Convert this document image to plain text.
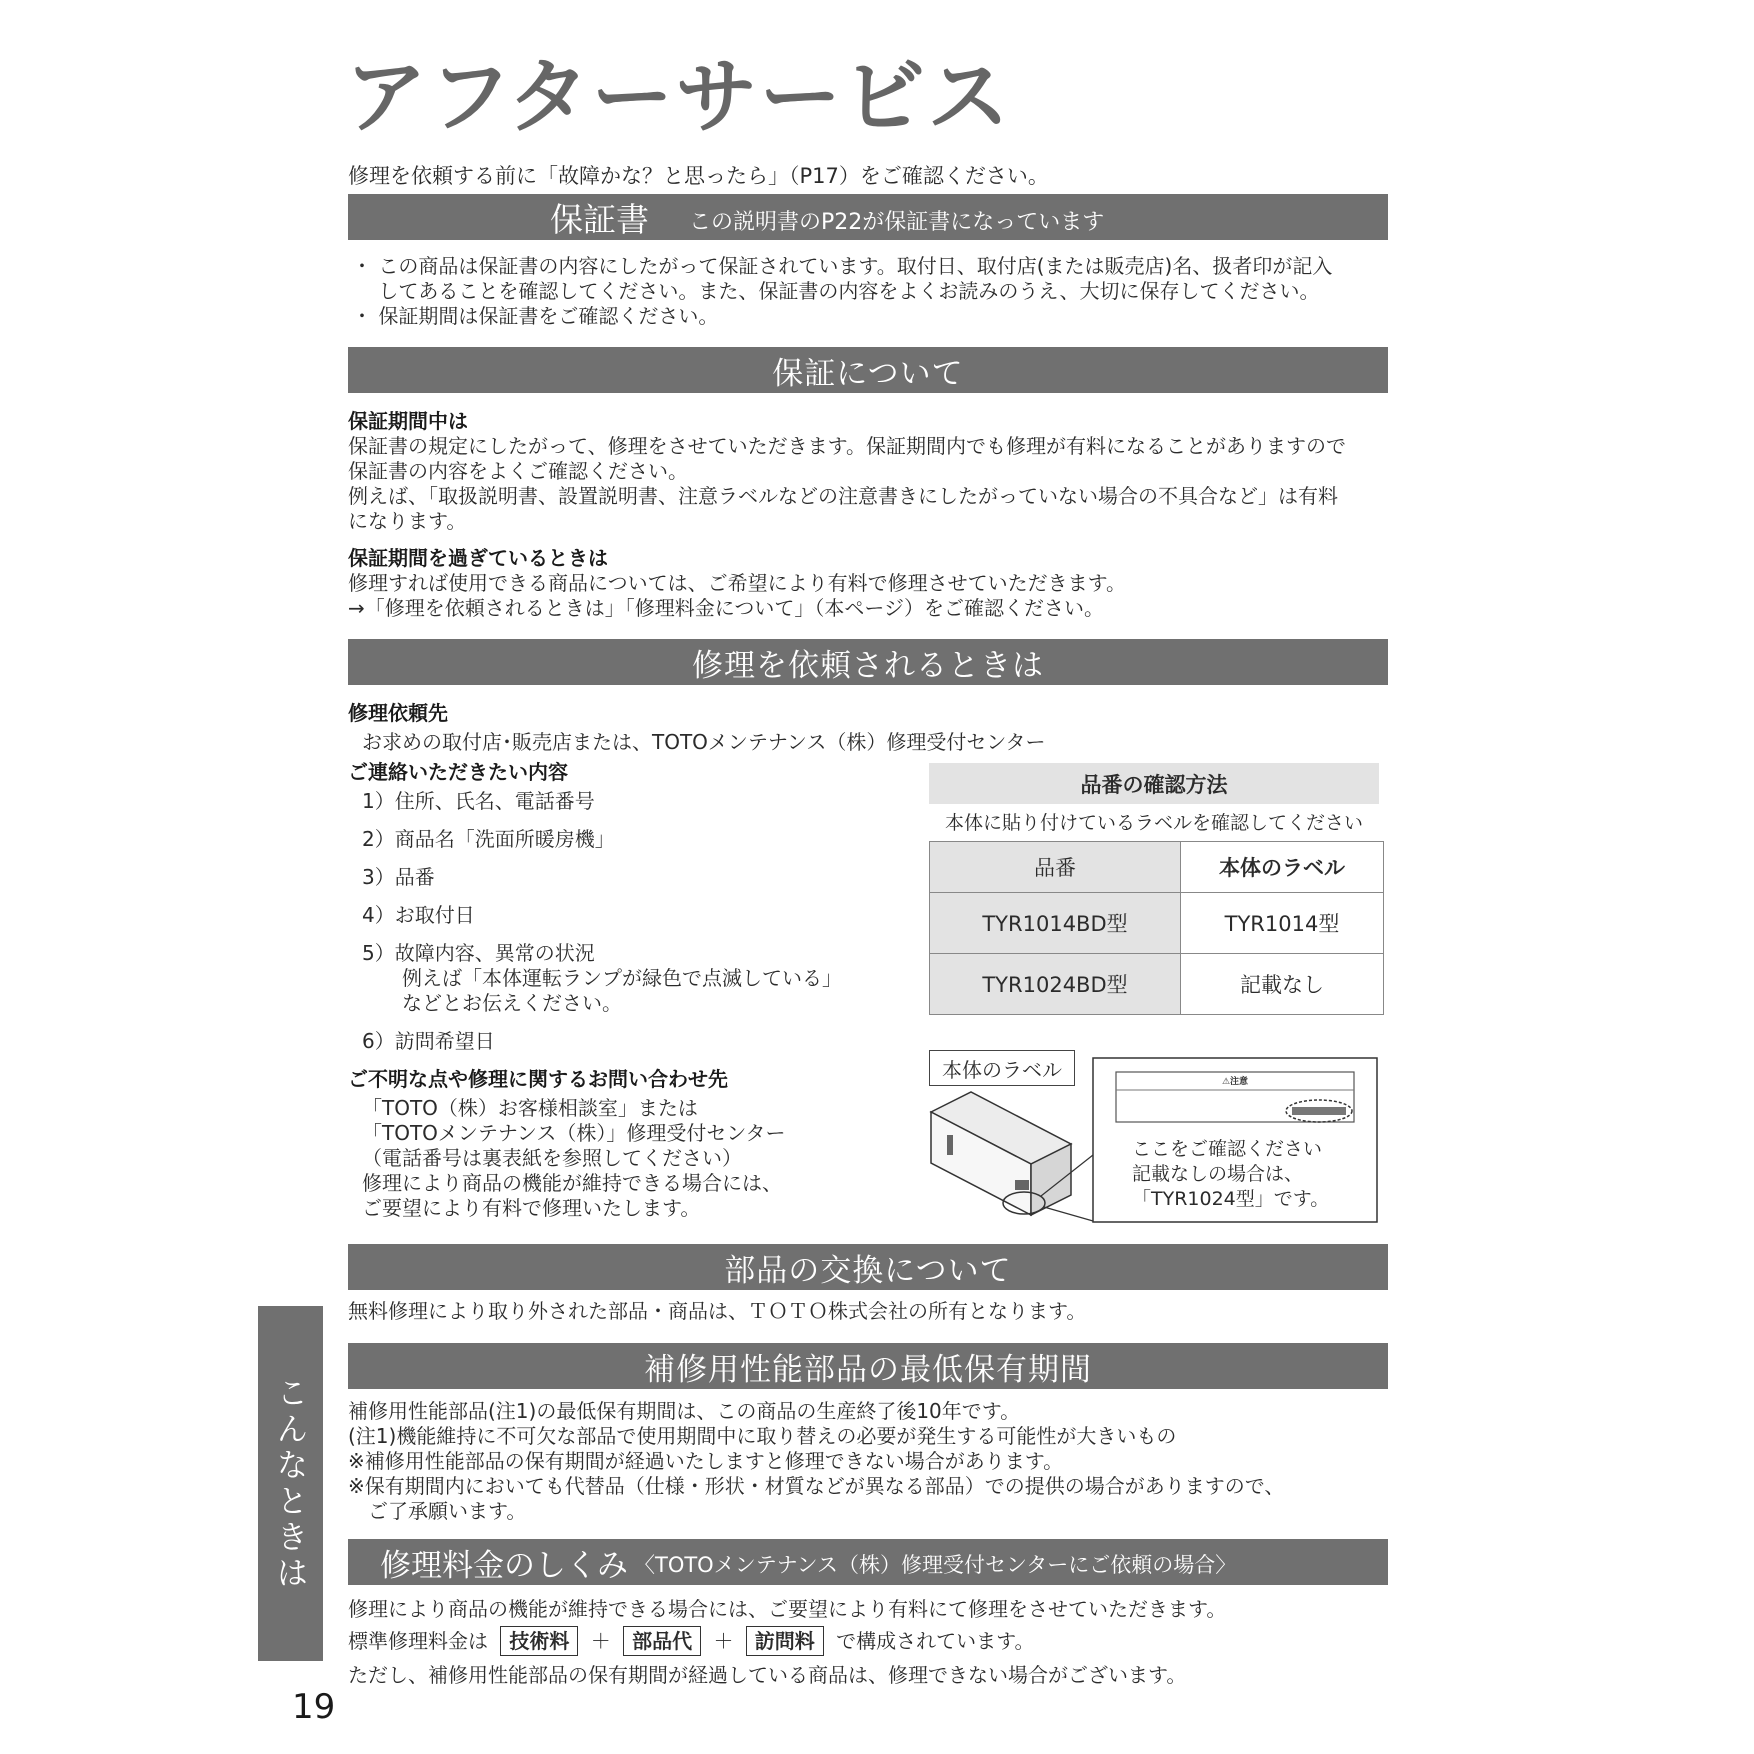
アフターサービス
修理を依頼する前に「故障かな？と思ったら」（P17）をご確認ください。
保証書 この説明書のP22が保証書になっています
・ この商品は保証書の内容にしたがって保証されています。取付日、取付店(または販売店)名、扱者印が記入
　 してあることを確認してください。また、保証書の内容をよくお読みのうえ、大切に保存してください。
・ 保証期間は保証書をご確認ください。
保証について
保証期間中は
保証書の規定にしたがって、修理をさせていただきます。保証期間内でも修理が有料になることがありますので
保証書の内容をよくご確認ください。
例えば、「取扱説明書、設置説明書、注意ラベルなどの注意書きにしたがっていない場合の不具合など」は有料
になります。
保証期間を過ぎているときは
修理すれば使用できる商品については、ご希望により有料で修理させていただきます。
→「修理を依頼されるときは」「修理料金について」（本ページ）をご確認ください。
修理を依頼されるときは
修理依頼先
お求めの取付店･販売店または、TOTOメンテナンス（株）修理受付センター
ご連絡いただきたい内容
1）住所、氏名、電話番号
2）商品名「洗面所暖房機」
3）品番
4）お取付日
5）故障内容、異常の状況
例えば「本体運転ランプが緑色で点滅している」
などとお伝えください。
6）訪問希望日
ご不明な点や修理に関するお問い合わせ先
「TOTO（株）お客様相談室」または
「TOTOメンテナンス（株）」修理受付センター
（電話番号は裏表紙を参照してください）
修理により商品の機能が維持できる場合には、
ご要望により有料で修理いたします。
品番の確認方法
本体に貼り付けているラベルを確認してください
品番	本体のラベル
TYR1014BD型	TYR1014型
TYR1024BD型	記載なし
本体のラベル
⚠注意
ここをご確認ください
記載なしの場合は、
「TYR1024型」です。
部品の交換について
無料修理により取り外された部品・商品は、ＴＯＴＯ株式会社の所有となります。
補修用性能部品の最低保有期間
補修用性能部品(注1)の最低保有期間は、この商品の生産終了後10年です。
(注1)機能維持に不可欠な部品で使用期間中に取り替えの必要が発生する可能性が大きいもの
※補修用性能部品の保有期間が経過いたしますと修理できない場合があります。
※保有期間内においても代替品（仕様・形状・材質などが異なる部品）での提供の場合がありますので、
　ご了承願います。
修理料金のしくみ 〈TOTOメンテナンス（株）修理受付センターにご依頼の場合〉
修理により商品の機能が維持できる場合には、ご要望により有料にて修理をさせていただきます。
標準修理料金は 技術料 ＋ 部品代 ＋ 訪問料 で構成されています。
ただし、補修用性能部品の保有期間が経過している商品は、修理できない場合がございます。
こんなときは
19
